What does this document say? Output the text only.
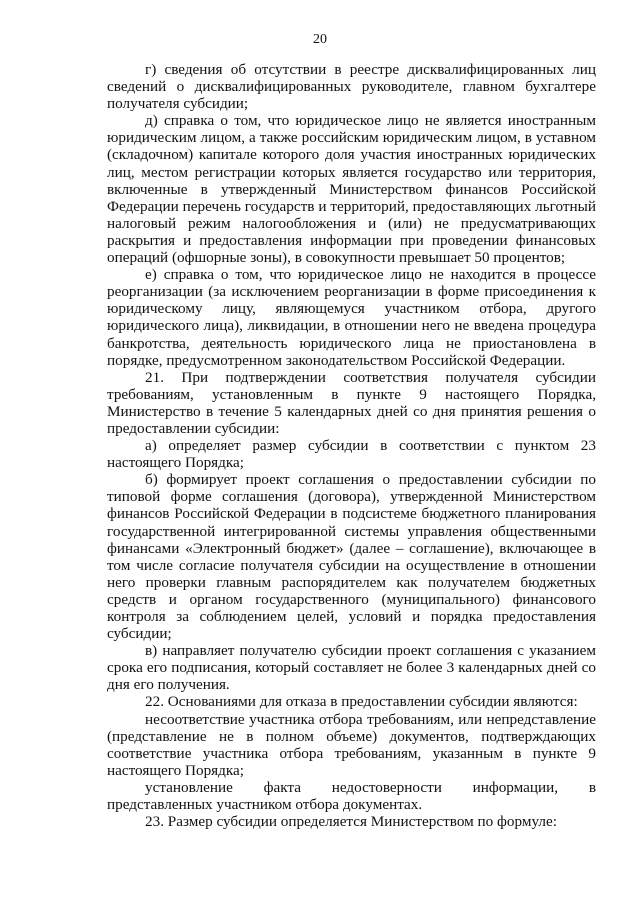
20

г) сведения об отсутствии в реестре дисквалифицированных лиц сведений о дисквалифицированных руководителе, главном бухгалтере получателя субсидии;

д) справка о том, что юридическое лицо не является иностранным юридическим лицом, а также российским юридическим лицом, в уставном (складочном) капитале которого доля участия иностранных юридических лиц, местом регистрации которых является государство или территория, включенные в утвержденный Министерством финансов Российской Федерации перечень государств и территорий, предоставляющих льготный налоговый режим налогообложения и (или) не предусматривающих раскрытия и предоставления информации при проведении финансовых операций (офшорные зоны), в совокупности превышает 50 процентов;

е) справка о том, что юридическое лицо не находится в процессе реорганизации (за исключением реорганизации в форме присоединения к юридическому лицу, являющемуся участником отбора, другого юридического лица), ликвидации, в отношении него не введена процедура банкротства, деятельность юридического лица не приостановлена в порядке, предусмотренном законодательством Российской Федерации.

21. При подтверждении соответствия получателя субсидии требованиям, установленным в пункте 9 настоящего Порядка, Министерство в течение 5 календарных дней со дня принятия решения о предоставлении субсидии:

а) определяет размер субсидии в соответствии с пунктом 23 настоящего Порядка;

б) формирует проект соглашения о предоставлении субсидии по типовой форме соглашения (договора), утвержденной Министерством финансов Российской Федерации в подсистеме бюджетного планирования государственной интегрированной системы управления общественными финансами «Электронный бюджет» (далее – соглашение), включающее в том числе согласие получателя субсидии на осуществление в отношении него проверки главным распорядителем как получателем бюджетных средств и органом государственного (муниципального) финансового контроля за соблюдением целей, условий и порядка предоставления субсидии;

в) направляет получателю субсидии проект соглашения с указанием срока его подписания, который составляет не более 3 календарных дней со дня его получения.

22. Основаниями для отказа в предоставлении субсидии являются:

несоответствие участника отбора требованиям, или непредставление (представление не в полном объеме) документов, подтверждающих соответствие участника отбора требованиям, указанным в пункте 9 настоящего Порядка;

установление факта недостоверности информации, в представленных участником отбора документах.

23. Размер субсидии определяется Министерством по формуле:
